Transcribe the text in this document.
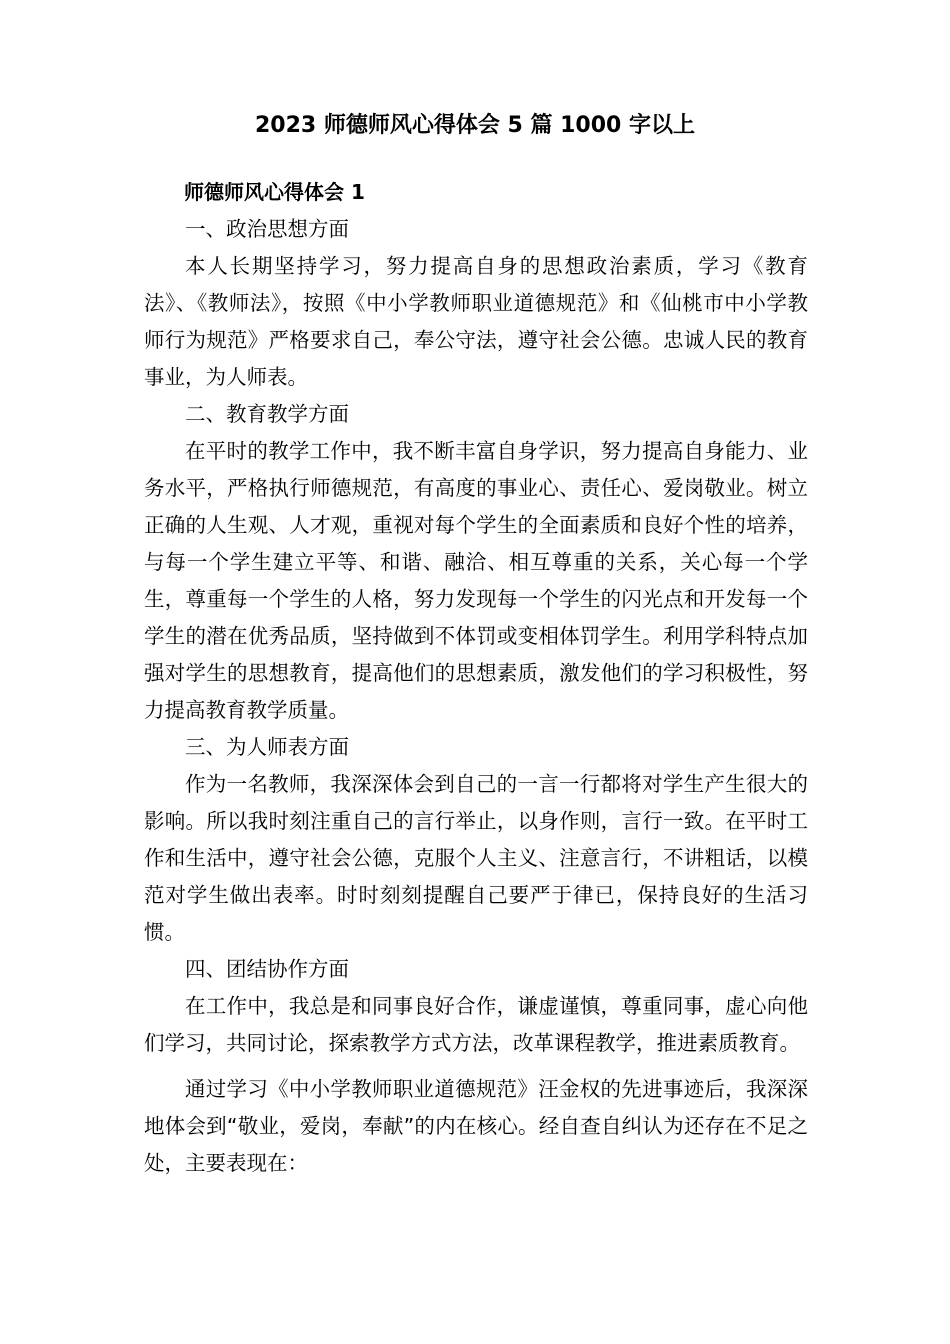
2023 师德师风心得体会 5 篇 1000 字以上

师德师风心得体会 1

一、政治思想方面

本人长期坚持学习，努力提高自身的思想政治素质，学习《教育法》、《教师法》，按照《中小学教师职业道德规范》和《仙桃市中小学教师行为规范》严格要求自己，奉公守法，遵守社会公德。忠诚人民的教育事业，为人师表。

二、教育教学方面

在平时的教学工作中，我不断丰富自身学识，努力提高自身能力、业务水平，严格执行师德规范，有高度的事业心、责任心、爱岗敬业。树立正确的人生观、人才观，重视对每个学生的全面素质和良好个性的培养，与每一个学生建立平等、和谐、融洽、相互尊重的关系，关心每一个学生，尊重每一个学生的人格，努力发现每一个学生的闪光点和开发每一个学生的潜在优秀品质，坚持做到不体罚或变相体罚学生。利用学科特点加强对学生的思想教育，提高他们的思想素质，激发他们的学习积极性，努力提高教育教学质量。

三、为人师表方面

作为一名教师，我深深体会到自己的一言一行都将对学生产生很大的影响。所以我时刻注重自己的言行举止，以身作则，言行一致。在平时工作和生活中，遵守社会公德，克服个人主义、注意言行，不讲粗话，以模范对学生做出表率。时时刻刻提醒自己要严于律已，保持良好的生活习惯。

四、团结协作方面

在工作中，我总是和同事良好合作，谦虚谨慎，尊重同事，虚心向他们学习，共同讨论，探索教学方式方法，改革课程教学，推进素质教育。

通过学习《中小学教师职业道德规范》汪金权的先进事迹后，我深深地体会到“敬业，爱岗，奉献”的内在核心。经自查自纠认为还存在不足之处，主要表现在：
